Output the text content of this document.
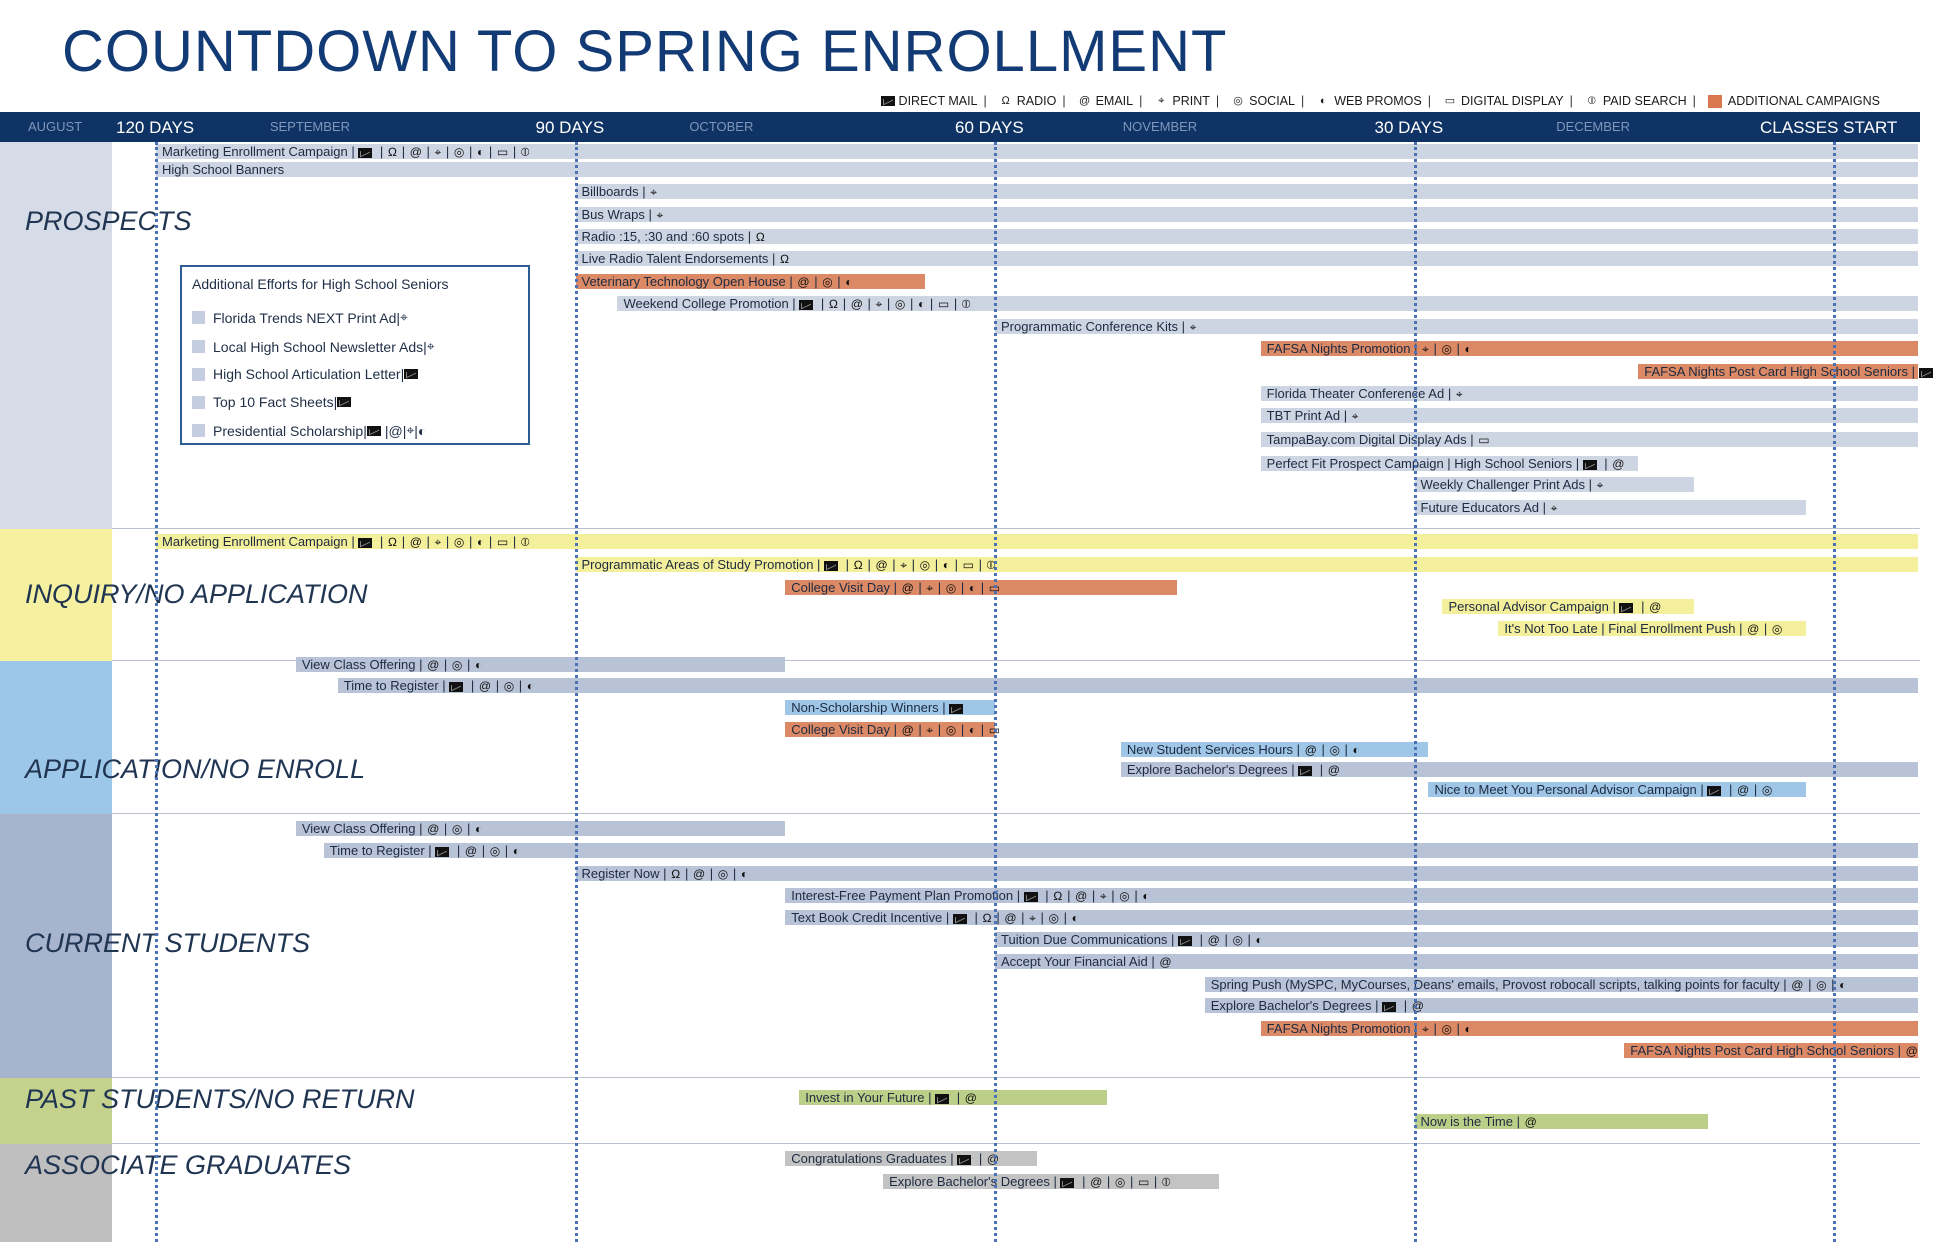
COUNTDOWN TO SPRING ENROLLMENT
DIRECT MAIL | Ω RADIO | @ EMAIL |	⌖ PRINT | ◎ SOCIAL |	◐ WEB PROMOS | ▭ DIGITAL DISPLAY | ⦶ PAID SEARCH |	ADDITIONAL CAMPAIGNS
AUGUST 120 DAYS	SEPTEMBER	90 DAYS	OCTOBER	60 DAYS	NOVEMBER	30 DAYS	DECEMBER	CLASSES START
PROSPECTS
Marketing Enrollment Campaign |  | Ω | @ | ⌖ | ◎ | ◐ | ▭ | ⦶
High School Banners
Billboards | ⌖
Bus Wraps | ⌖
Radio :15, :30 and :60 spots | Ω
Live Radio Talent Endorsements | Ω
Veterinary Technology Open House | @ | ◎ | ◐
Weekend College Promotion |  | Ω | @ | ⌖ | ◎ | ◐ | ▭ | ⦶
Programmatic Conference Kits | ⌖
FAFSA Nights Promotion | ⌖ | ◎ | ◐
FAFSA Nights Post Card High School Seniors |
Florida Theater Conference Ad | ⌖
TBT Print Ad | ⌖
TampaBay.com Digital Display Ads | ▭
Perfect Fit Prospect Campaign | High School Seniors |  | @
Weekly Challenger Print Ads | ⌖
Future Educators Ad | ⌖
INQUIRY/NO APPLICATION
Marketing Enrollment Campaign |  | Ω | @ | ⌖ | ◎ | ◐ | ▭ | ⦶
Programmatic Areas of Study Promotion |  | Ω | @ | ⌖ | ◎ | ◐ | ▭ | ⦶
College Visit Day | @ | ⌖ | ◎ | ◐ | ▭
Personal Advisor Campaign |  | @
It's Not Too Late | Final Enrollment Push | @ | ◎
APPLICATION/NO ENROLL
View Class Offering | @ | ◎ | ◐
Time to Register |  | @ | ◎ | ◐
Non-Scholarship Winners |
College Visit Day | @ | ⌖ | ◎ | ◐ | ▭
New Student Services Hours | @ | ◎ | ◐
Explore Bachelor's Degrees |  | @
Nice to Meet You Personal Advisor Campaign |  | @ | ◎
CURRENT STUDENTS
View Class Offering | @ | ◎ | ◐
Time to Register |  | @ | ◎ | ◐
Register Now | Ω | @ | ◎ | ◐
Interest-Free Payment Plan Promotion |  | Ω | @ | ⌖ | ◎ | ◐
Text Book Credit Incentive |  | Ω | @ | ⌖ | ◎ | ◐
Tuition Due Communications |  | @ | ◎ | ◐
Accept Your Financial Aid | @
Spring Push (MySPC, MyCourses, Deans' emails, Provost robocall scripts, talking points for faculty | @ | ◎ | ◐
Explore Bachelor's Degrees |  | @
FAFSA Nights Promotion | ⌖ | ◎ | ◐
FAFSA Nights Post Card High School Seniors | @
PAST STUDENTS/NO RETURN	Invest in Your Future |  | @
Now is the Time | @
ASSOCIATE GRADUATES	Congratulations Graduates |  | @
Explore Bachelor's Degrees |  | @ | ◎ | ▭ | ⦶
Additional Efforts for High School Seniors
Florida Trends NEXT Print Ad | ⌖
Local High School Newsletter Ads | ⌖
High School Articulation Letter |
Top 10 Fact Sheets |
Presidential Scholarship | | @ | ⌖ | ◐
